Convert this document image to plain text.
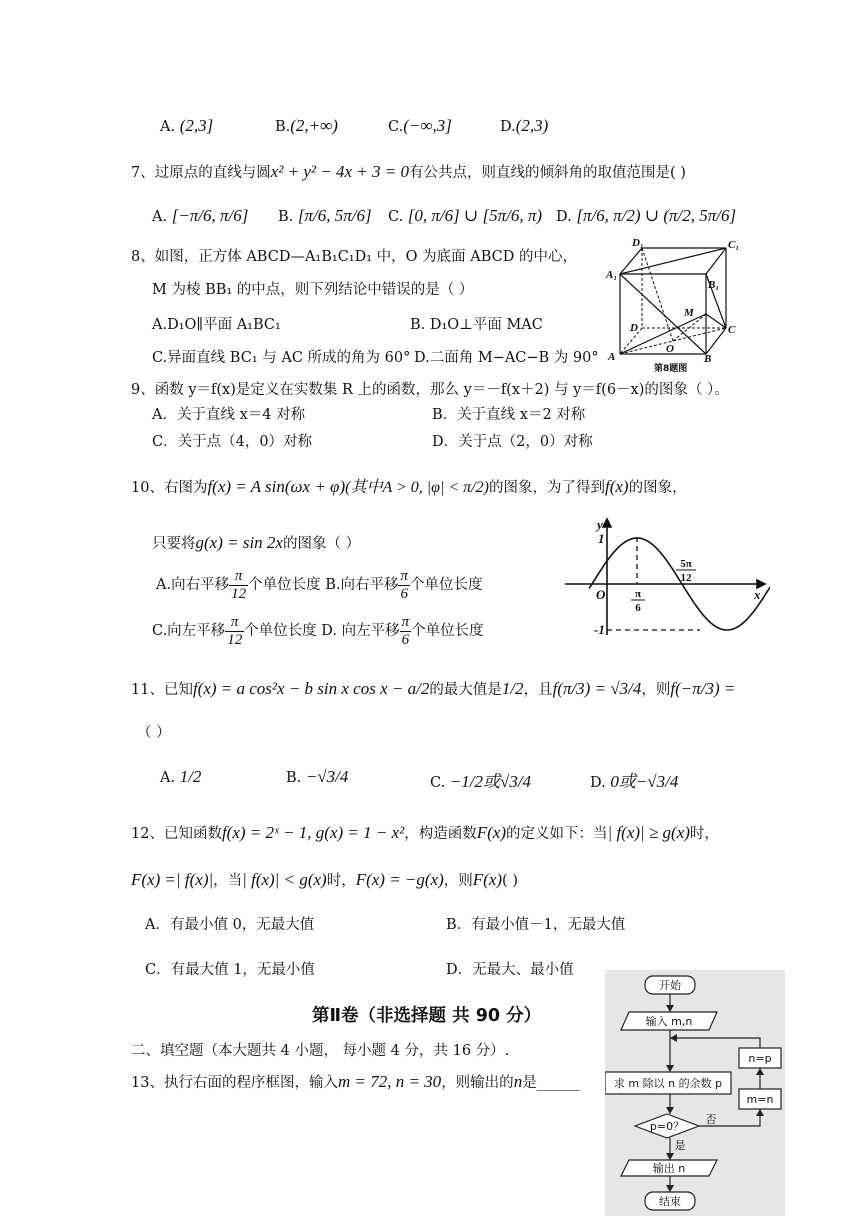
A. (2,3]	B.(2,+∞)	C.(−∞,3]	D.(2,3)
7、过原点的直线与圆x² + y² − 4x + 3 = 0有公共点，则直线的倾斜角的取值范围是( )
A. [−π/6, π/6] B. [π/6, 5π/6] C. [0, π/6] ∪ [5π/6, π) D. [π/6, π/2) ∪ (π/2, 5π/6]
8、如图，正方体 ABCD—A₁B₁C₁D₁ 中，O 为底面 ABCD 的中心，
M 为棱 BB₁ 的中点，则下列结论中错误的是（ ）
A.D₁O∥平面 A₁BC₁	B. D₁O⊥平面 MAC
C.异面直线 BC₁ 与 AC 所成的角为 60° D.二面角 M−AC−B 为 90°
D₁	C₁
A₁
B₁
M
D	C
O
A	B
第8题图
9、函数 y＝f(x)是定义在实数集 R 上的函数，那么 y＝－f(x＋2) 与 y＝f(6－x)的图象（ ）。
A．关于直线 x＝4 对称	B．关于直线 x＝2 对称
C．关于点（4，0）对称	D．关于点（2，0）对称
10、右图为f(x) = A sin(ωx + φ)(其中A > 0, |φ| < π/2)的图象，为了得到f(x)的图象，
只要将g(x) = sin 2x的图象（ ）
A.向右平移 $\frac{\pi}{12}$ 个单位长度 B.向右平移 $\frac{\pi}{6}$ 个单位长度
C.向左平移 $\frac{\pi}{12}$ 个单位长度 D. 向左平移 $\frac{\pi}{6}$ 个单位长度
y
x
1
-1
O	π
6
5π
12
11、已知f(x) = a cos²x − b sin x cos x − a/2的最大值是1/2，且f(π/3) = √3/4，则f(−π/3) =
（ ）
A. 1/2	B. −√3/4	C. −1/2或√3/4	D. 0或−√3/4
12、已知函数f(x) = 2ˣ − 1, g(x) = 1 − x²，构造函数F(x)的定义如下：当| f(x)| ≥ g(x)时，
F(x) =| f(x)|，当| f(x)| < g(x)时，F(x) = −g(x)，则F(x)( )
A．有最小值 0，无最大值	B．有最小值－1，无最大值
C．有最大值 1，无最小值	D．无最大、最小值
第Ⅱ卷（非选择题 共 90 分）
二、填空题（本大题共 4 小题， 每小题 4 分，共 16 分）.
13、执行右面的程序框图，输入m = 72, n = 30，则输出的n是______
开始
输入 m,n
求 m 除以 n 的余数 p
p=0？
否
是
m=n
n=p
输出 n
结束
